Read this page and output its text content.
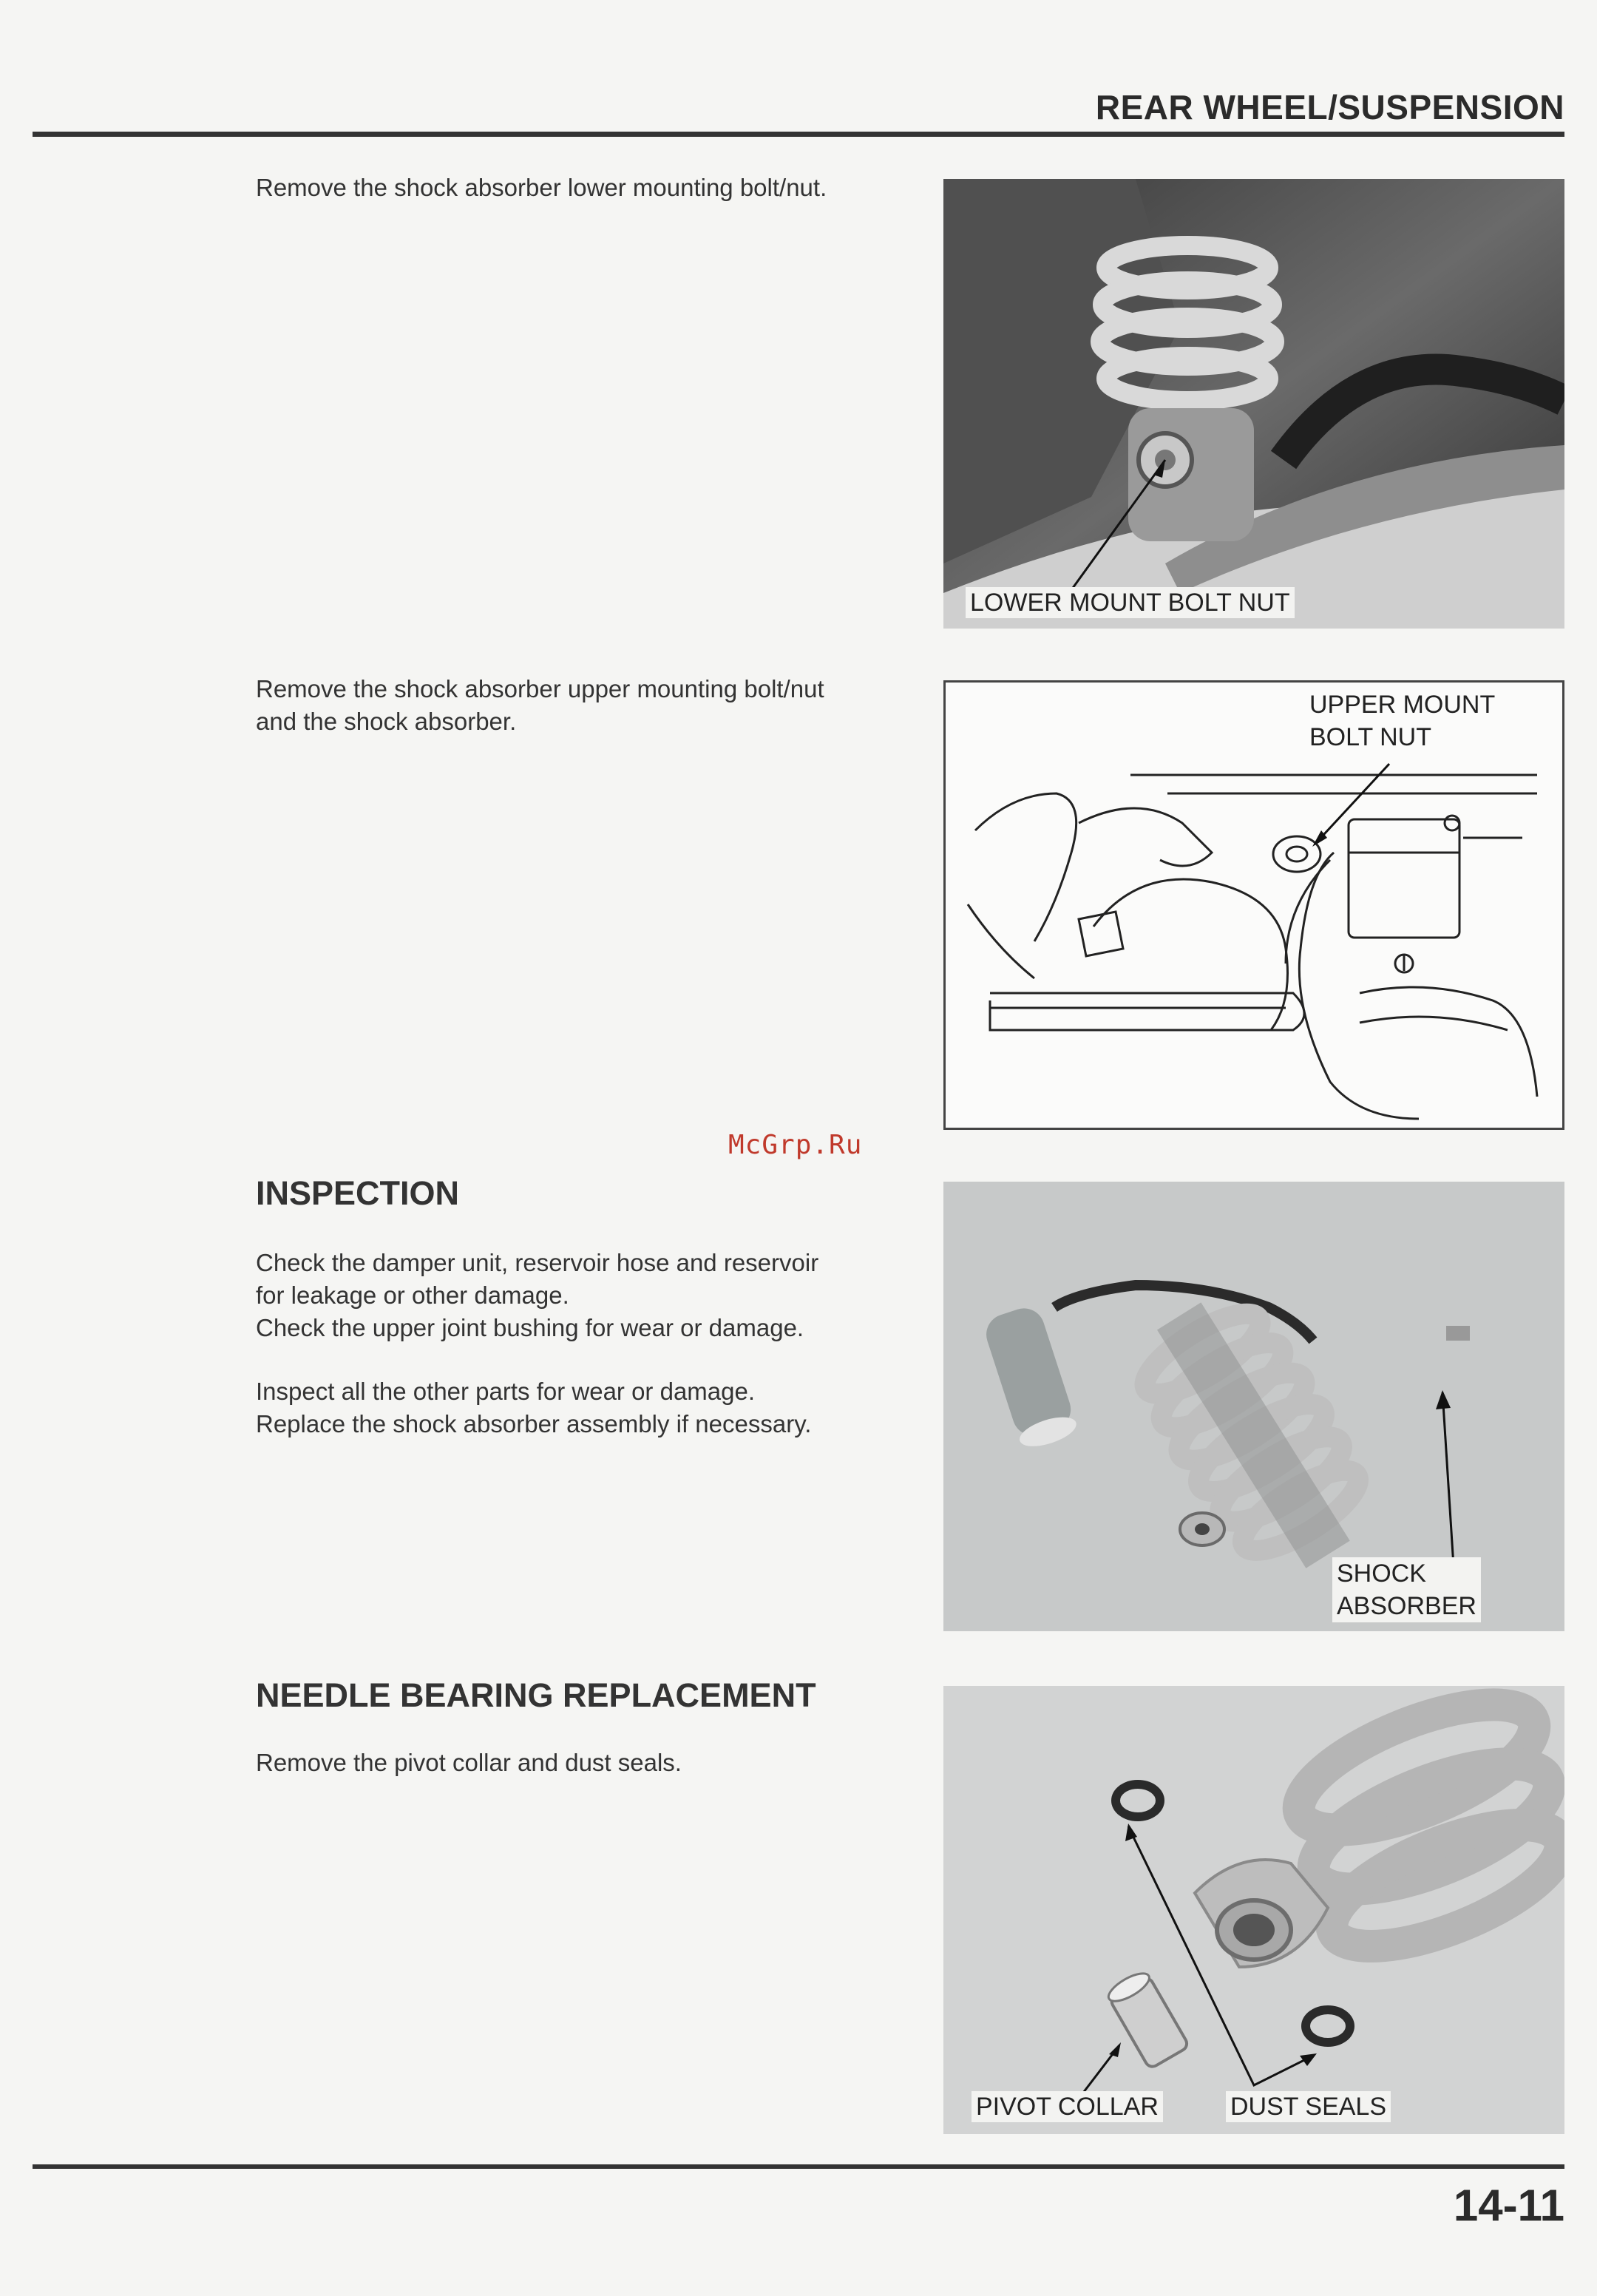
REAR WHEEL/SUSPENSION

Remove the shock absorber lower mounting bolt/nut.

LOWER MOUNT BOLT NUT

Remove the shock absorber upper mounting bolt/nut

and the shock absorber.

UPPER MOUNT
BOLT NUT
McGrp.Ru
INSPECTION

Check the damper unit, reservoir hose and reservoir

for leakage or other damage.

Check the upper joint bushing for wear or damage.

Inspect all the other parts for wear or damage.

Replace the shock absorber assembly if necessary.

SHOCK
ABSORBER
NEEDLE BEARING REPLACEMENT

Remove the pivot collar and dust seals.

PIVOT COLLAR	DUST SEALS
14-11
